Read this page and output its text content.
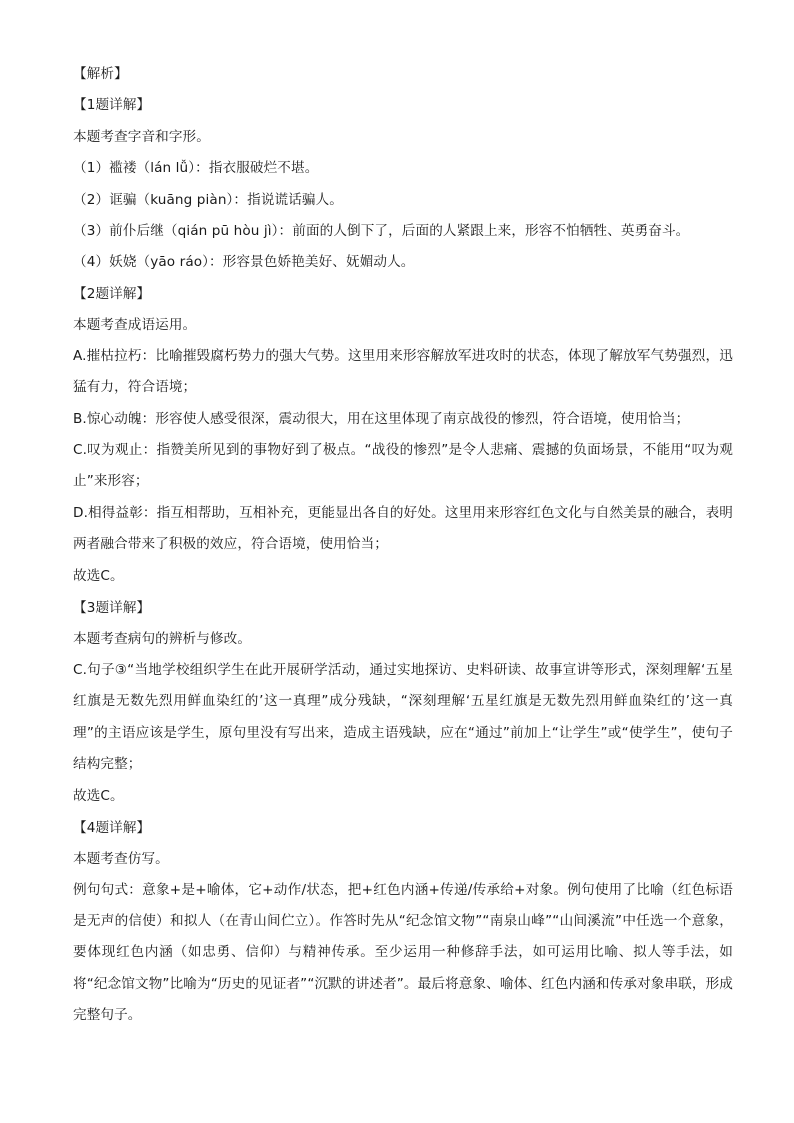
【解析】
【1题详解】
本题考查字音和字形。
（1）褴褛（lán lǚ）：指衣服破烂不堪。
（2）诓骗（kuāng piàn）：指说谎话骗人。
（3）前仆后继（qián pū hòu jì）：前面的人倒下了，后面的人紧跟上来，形容不怕牺牲、英勇奋斗。
（4）妖娆（yāo ráo）：形容景色娇艳美好、妩媚动人。
【2题详解】
本题考查成语运用。
A.摧枯拉朽：比喻摧毁腐朽势力的强大气势。这里用来形容解放军进攻时的状态，体现了解放军气势强烈，迅猛有力，符合语境；
B.惊心动魄：形容使人感受很深，震动很大，用在这里体现了南京战役的惨烈，符合语境，使用恰当；
C.叹为观止：指赞美所见到的事物好到了极点。“战役的惨烈”是令人悲痛、震撼的负面场景，不能用“叹为观止”来形容；
D.相得益彰：指互相帮助，互相补充，更能显出各自的好处。这里用来形容红色文化与自然美景的融合，表明两者融合带来了积极的效应，符合语境，使用恰当；
故选C。
【3题详解】
本题考查病句的辨析与修改。
C.句子③“当地学校组织学生在此开展研学活动，通过实地探访、史料研读、故事宣讲等形式，深刻理解‘五星红旗是无数先烈用鲜血染红的’这一真理”成分残缺，“深刻理解‘五星红旗是无数先烈用鲜血染红的’这一真理”的主语应该是学生，原句里没有写出来，造成主语残缺，应在“通过”前加上“让学生”或“使学生”，使句子结构完整；
故选C。
【4题详解】
本题考查仿写。
例句句式：意象+是+喻体，它+动作/状态，把+红色内涵+传递/传承给+对象。例句使用了比喻（红色标语是无声的信使）和拟人（在青山间伫立）。作答时先从“纪念馆文物”“南泉山峰”“山间溪流”中任选一个意象，要体现红色内涵（如忠勇、信仰）与精神传承。至少运用一种修辞手法，如可运用比喻、拟人等手法，如将“纪念馆文物”比喻为“历史的见证者”“沉默的讲述者”。最后将意象、喻体、红色内涵和传承对象串联，形成完整句子。
